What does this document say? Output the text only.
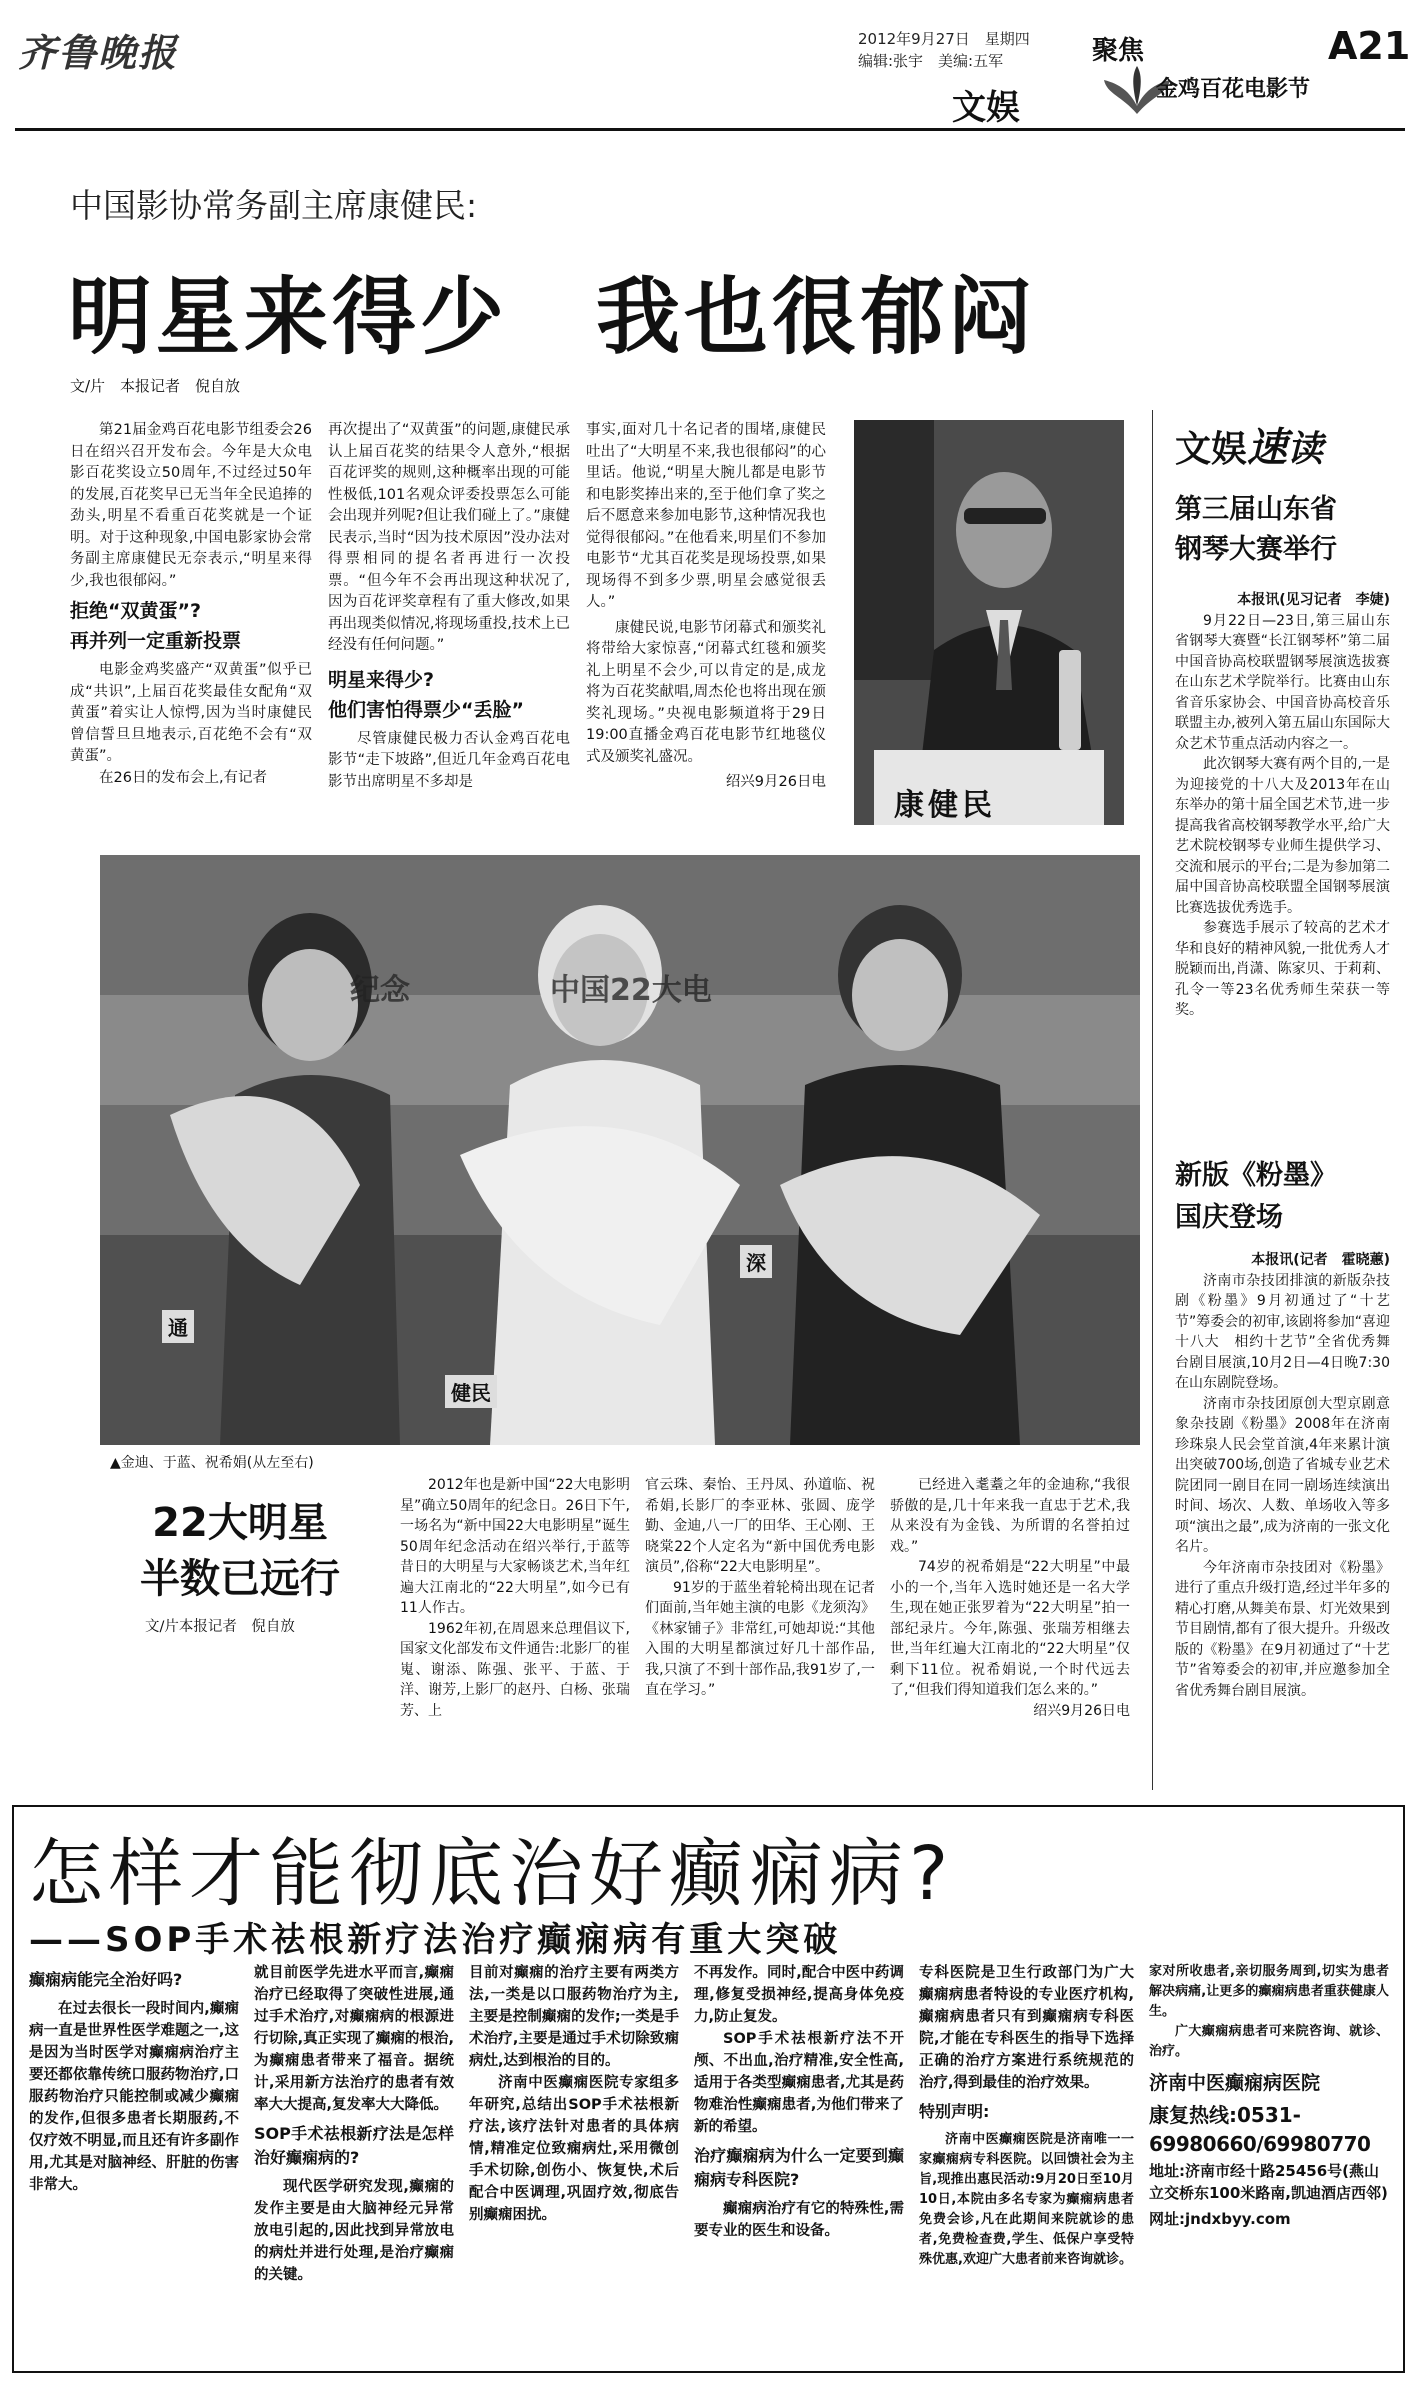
齐鲁晚报	2012年9月27日　星期四
编辑:张宇　美编:五军
文娱
聚焦
金鸡百花电影节
A21
中国影协常务副主席康健民:
明星来得少　我也很郁闷
文/片　本报记者　倪自放

第21届金鸡百花电影节组委会26日在绍兴召开发布会。今年是大众电影百花奖设立50周年,不过经过50年的发展,百花奖早已无当年全民追捧的劲头,明星不看重百花奖就是一个证明。对于这种现象,中国电影家协会常务副主席康健民无奈表示,“明星来得少,我也很郁闷。”

拒绝“双黄蛋”?
再并列一定重新投票

电影金鸡奖盛产“双黄蛋”似乎已成“共识”,上届百花奖最佳女配角“双黄蛋”着实让人惊愕,因为当时康健民曾信誓旦旦地表示,百花绝不会有“双黄蛋”。

在26日的发布会上,有记者

再次提出了“双黄蛋”的问题,康健民承认上届百花奖的结果令人意外,“根据百花评奖的规则,这种概率出现的可能性极低,101名观众评委投票怎么可能会出现并列呢?但让我们碰上了。”康健民表示,当时“因为技术原因”没办法对得票相同的提名者再进行一次投票。“但今年不会再出现这种状况了,因为百花评奖章程有了重大修改,如果再出现类似情况,将现场重投,技术上已经没有任何问题。”

明星来得少?
他们害怕得票少“丢脸”

尽管康健民极力否认金鸡百花电影节“走下坡路”,但近几年金鸡百花电影节出席明星不多却是

事实,面对几十名记者的围堵,康健民吐出了“大明星不来,我也很郁闷”的心里话。他说,“明星大腕儿都是电影节和电影奖捧出来的,至于他们拿了奖之后不愿意来参加电影节,这种情况我也觉得很郁闷。”在他看来,明星们不参加电影节“尤其百花奖是现场投票,如果现场得不到多少票,明星会感觉很丢人。”

康健民说,电影节闭幕式和颁奖礼将带给大家惊喜,“闭幕式红毯和颁奖礼上明星不会少,可以肯定的是,成龙将为百花奖献唱,周杰伦也将出现在颁奖礼现场。”央视电影频道将于29日19:00直播金鸡百花电影节红地毯仪式及颁奖礼盛况。

绍兴9月26日电
康健民
纪念	中国22大电
通
健民
深
▲金迪、于蓝、祝希娟(从左至右)
22大明星
半数已远行
文/片本报记者　倪自放

2012年也是新中国“22大电影明星”确立50周年的纪念日。26日下午,一场名为“新中国22大电影明星”诞生50周年纪念活动在绍兴举行,于蓝等昔日的大明星与大家畅谈艺术,当年红遍大江南北的“22大明星”,如今已有11人作古。

1962年初,在周恩来总理倡议下,国家文化部发布文件通告:北影厂的崔嵬、谢添、陈强、张平、于蓝、于洋、谢芳,上影厂的赵丹、白杨、张瑞芳、上

官云珠、秦怡、王丹凤、孙道临、祝希娟,长影厂的李亚林、张圆、庞学勤、金迪,八一厂的田华、王心刚、王晓棠22个人定名为“新中国优秀电影演员”,俗称“22大电影明星”。

91岁的于蓝坐着轮椅出现在记者们面前,当年她主演的电影《龙须沟》《林家铺子》非常红,可她却说:“其他入围的大明星都演过好几十部作品,我,只演了不到十部作品,我91岁了,一直在学习。”

已经进入耄耋之年的金迪称,“我很骄傲的是,几十年来我一直忠于艺术,我从来没有为金钱、为所谓的名誉拍过戏。”

74岁的祝希娟是“22大明星”中最小的一个,当年入选时她还是一名大学生,现在她正张罗着为“22大明星”拍一部纪录片。今年,陈强、张瑞芳相继去世,当年红遍大江南北的“22大明星”仅剩下11位。祝希娟说,一个时代远去了,“但我们得知道我们怎么来的。”

绍兴9月26日电
文娱速读
第三届山东省
钢琴大赛举行
本报讯(见习记者　李婕)

9月22日—23日,第三届山东省钢琴大赛暨“长江钢琴杯”第二届中国音协高校联盟钢琴展演选拔赛在山东艺术学院举行。比赛由山东省音乐家协会、中国音协高校音乐联盟主办,被列入第五届山东国际大众艺术节重点活动内容之一。

此次钢琴大赛有两个目的,一是为迎接党的十八大及2013年在山东举办的第十届全国艺术节,进一步提高我省高校钢琴教学水平,给广大艺术院校钢琴专业师生提供学习、交流和展示的平台;二是为参加第二届中国音协高校联盟全国钢琴展演比赛选拔优秀选手。

参赛选手展示了较高的艺术才华和良好的精神风貌,一批优秀人才脱颖而出,肖潇、陈家贝、于莉莉、孔令一等23名优秀师生荣获一等奖。

新版《粉墨》
国庆登场
本报讯(记者　霍晓蕙)

济南市杂技团排演的新版杂技剧《粉墨》9月初通过了“十艺节”筹委会的初审,该剧将参加“喜迎十八大　相约十艺节”全省优秀舞台剧目展演,10月2日—4日晚7:30在山东剧院登场。

济南市杂技团原创大型京剧意象杂技剧《粉墨》2008年在济南珍珠泉人民会堂首演,4年来累计演出突破700场,创造了省城专业艺术院团同一剧目在同一剧场连续演出时间、场次、人数、单场收入等多项“演出之最”,成为济南的一张文化名片。

今年济南市杂技团对《粉墨》进行了重点升级打造,经过半年多的精心打磨,从舞美布景、灯光效果到节目剧情,都有了很大提升。升级改版的《粉墨》在9月初通过了“十艺节”省筹委会的初审,并应邀参加全省优秀舞台剧目展演。

怎样才能彻底治好癫痫病?
——SOP手术祛根新疗法治疗癫痫病有重大突破
癫痫病能完全治好吗?

在过去很长一段时间内,癫痫病一直是世界性医学难题之一,这是因为当时医学对癫痫病治疗主要还都依靠传统口服药物治疗,口服药物治疗只能控制或减少癫痫的发作,但很多患者长期服药,不仅疗效不明显,而且还有许多副作用,尤其是对脑神经、肝脏的伤害非常大。

就目前医学先进水平而言,癫痫治疗已经取得了突破性进展,通过手术治疗,对癫痫病的根源进行切除,真正实现了癫痫的根治,为癫痫患者带来了福音。据统计,采用新方法治疗的患者有效率大大提高,复发率大大降低。

SOP手术祛根新疗法是怎样治好癫痫病的?

现代医学研究发现,癫痫的发作主要是由大脑神经元异常放电引起的,因此找到异常放电的病灶并进行处理,是治疗癫痫的关键。

目前对癫痫的治疗主要有两类方法,一类是以口服药物治疗为主,主要是控制癫痫的发作;一类是手术治疗,主要是通过手术切除致痫病灶,达到根治的目的。

济南中医癫痫医院专家组多年研究,总结出SOP手术祛根新疗法,该疗法针对患者的具体病情,精准定位致痫病灶,采用微创手术切除,创伤小、恢复快,术后配合中医调理,巩固疗效,彻底告别癫痫困扰。

不再发作。同时,配合中医中药调理,修复受损神经,提高身体免疫力,防止复发。

SOP手术祛根新疗法不开颅、不出血,治疗精准,安全性高,适用于各类型癫痫患者,尤其是药物难治性癫痫患者,为他们带来了新的希望。

治疗癫痫病为什么一定要到癫痫病专科医院?

癫痫病治疗有它的特殊性,需要专业的医生和设备。

专科医院是卫生行政部门为广大癫痫病患者特设的专业医疗机构,癫痫病患者只有到癫痫病专科医院,才能在专科医生的指导下选择正确的治疗方案进行系统规范的治疗,得到最佳的治疗效果。

特别声明:

济南中医癫痫医院是济南唯一一家癫痫病专科医院。以回馈社会为主旨,现推出惠民活动:9月20日至10月10日,本院由多名专家为癫痫病患者免费会诊,凡在此期间来院就诊的患者,免费检查费,学生、低保户享受特殊优惠,欢迎广大患者前来咨询就诊。

家对所收患者,亲切服务周到,切实为患者解决病痛,让更多的癫痫病患者重获健康人生。

广大癫痫病患者可来院咨询、就诊、治疗。

济南中医癫痫病医院
康复热线:0531-
69980660/69980770
地址:济南市经十路25456号(燕山立交桥东100米路南,凯迪酒店西邻)
网址:jndxbyy.com
